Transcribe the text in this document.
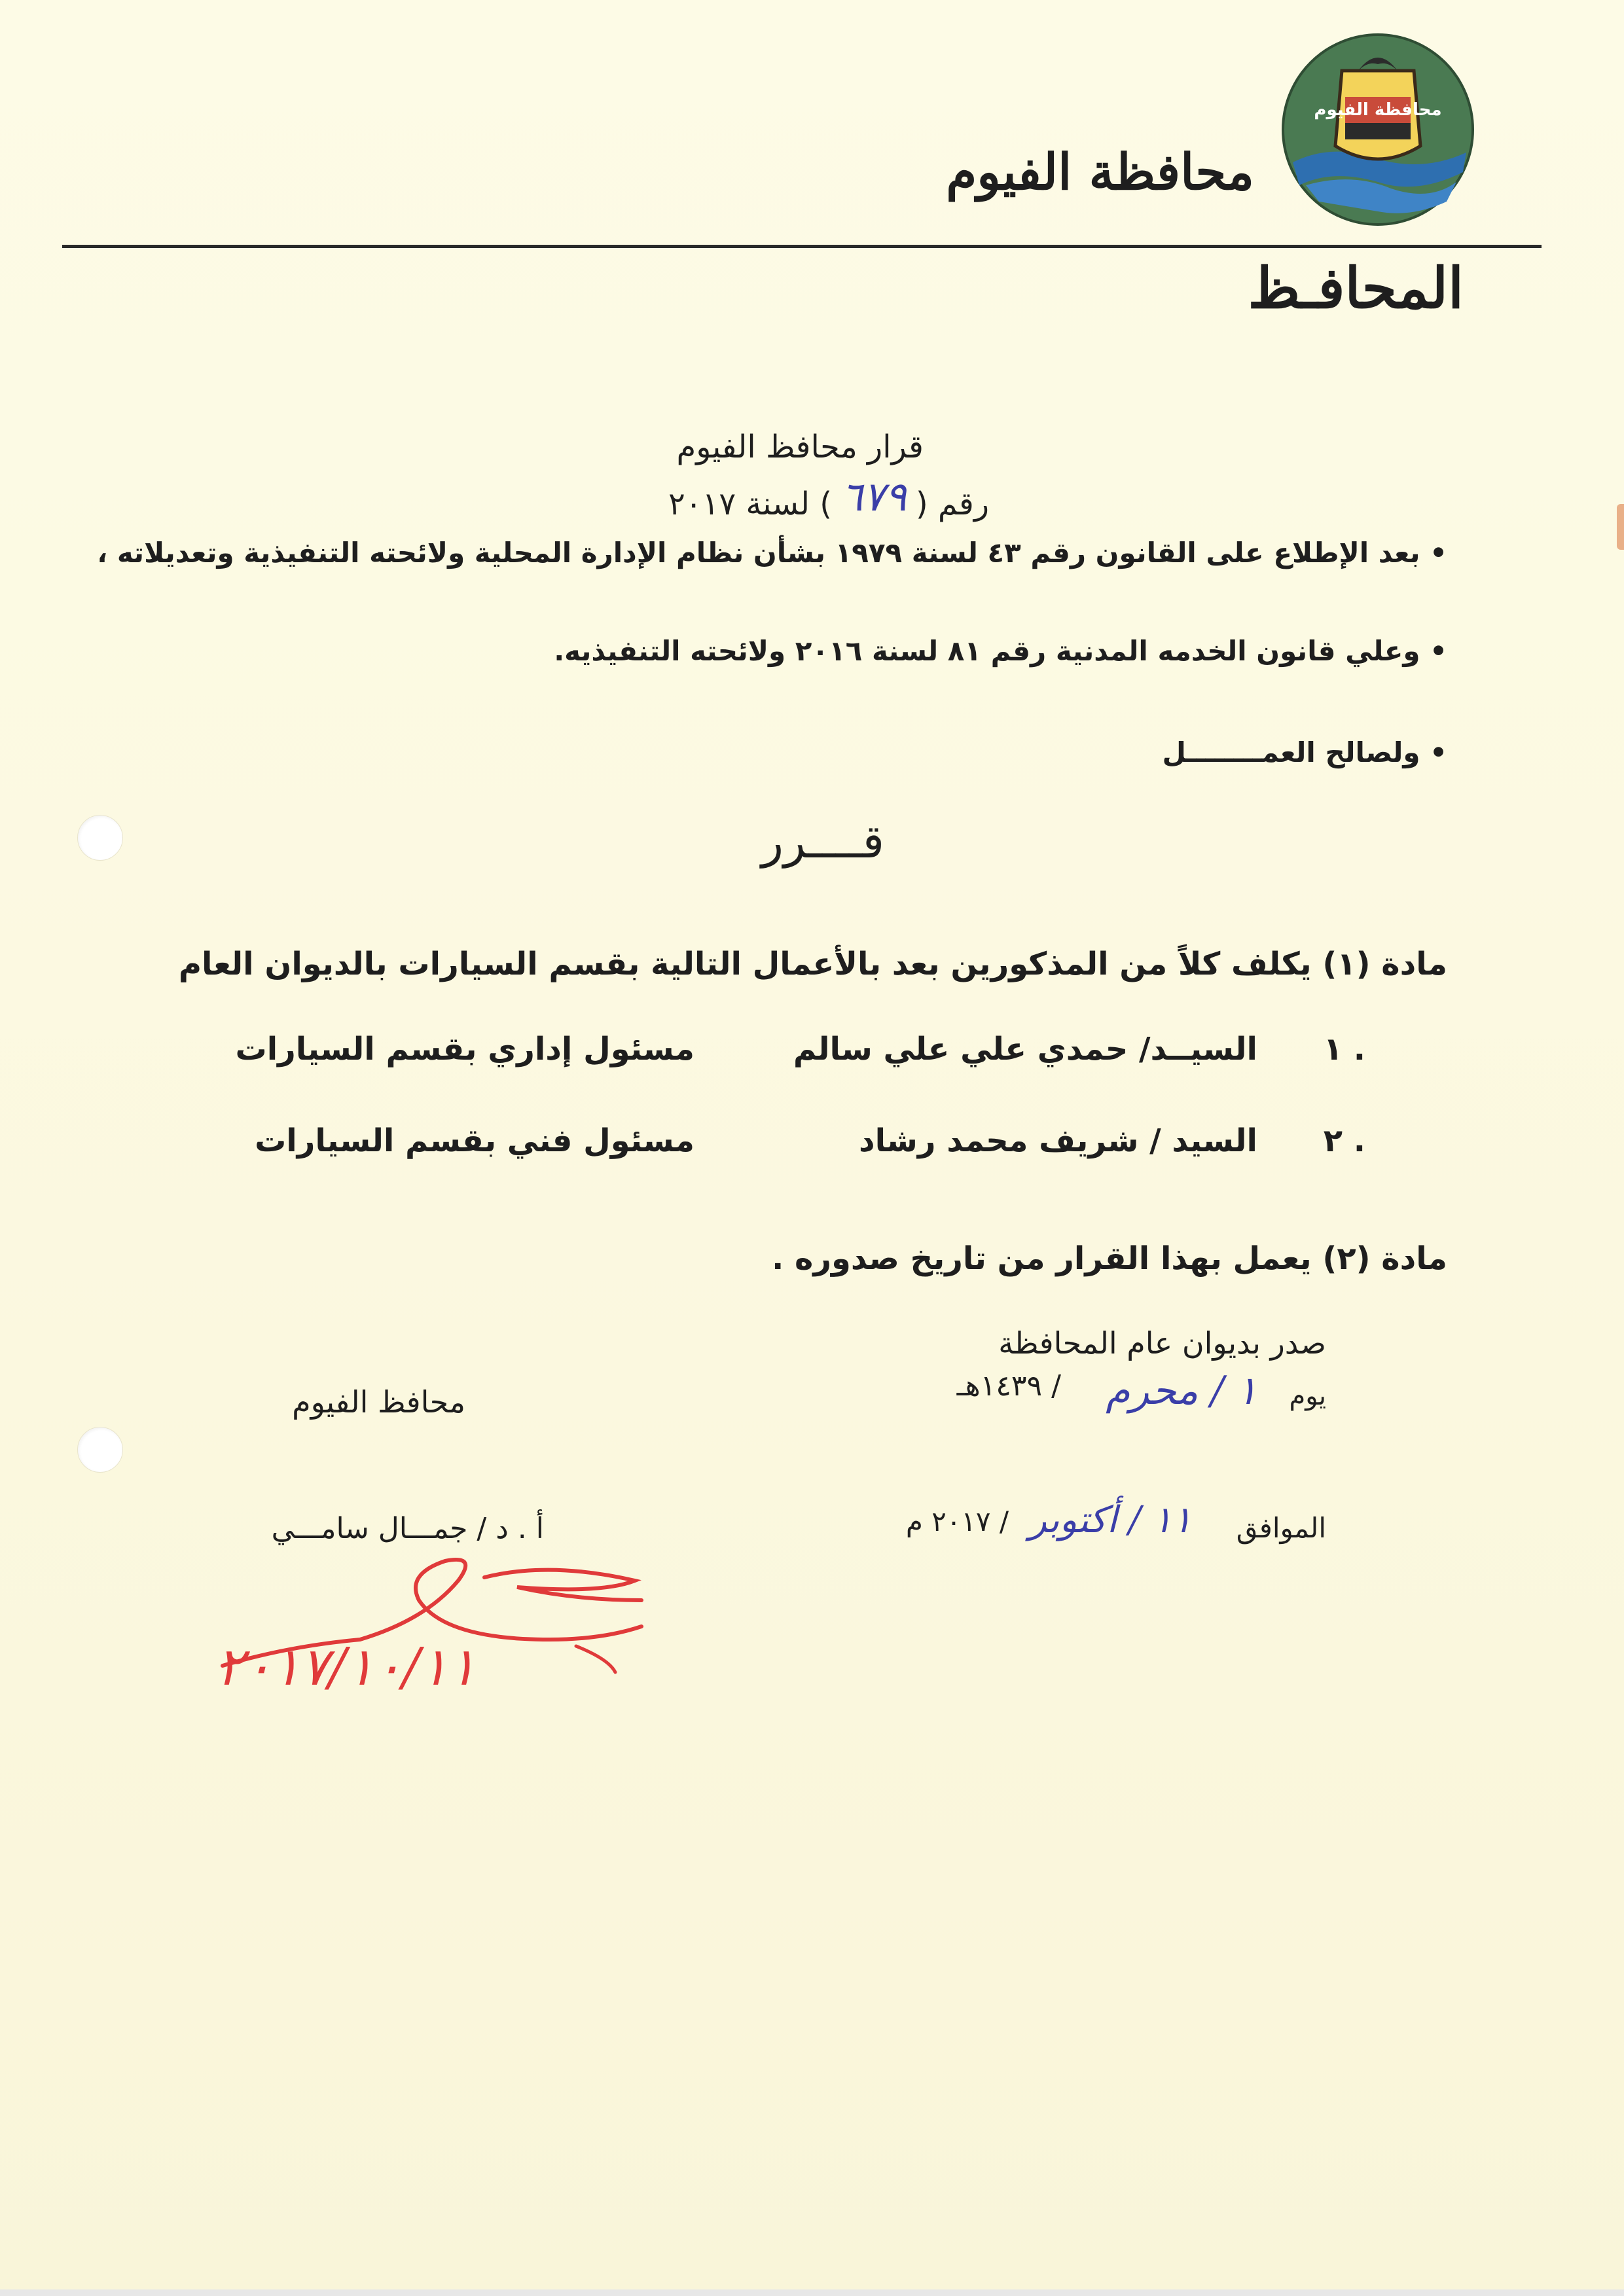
محافظة الفيوم
محافظة الفيوم
المحافـظ
قرار محافظ الفيوم
رقم (٦٧٩) لسنة ٢٠١٧
• بعد الإطلاع على القانون رقم ٤٣ لسنة ١٩٧٩ بشأن نظام الإدارة المحلية ولائحته التنفيذية وتعديلاته ،
• وعلي قانون الخدمه المدنية رقم ٨١ لسنة ٢٠١٦ ولائحته التنفيذيه.
• ولصالح العمــــــــل
قــــرر
مادة (١) يكلف كلاً من المذكورين بعد بالأعمال التالية بقسم السيارات بالديوان العام
١ .
السيــد/ حمدي علي علي سالم
مسئول إداري بقسم السيارات
٢ .
السيد / شريف محمد رشاد
مسئول فني بقسم السيارات
مادة (٢) يعمل بهذا القرار من تاريخ صدوره .
صدر بديوان عام المحافظة
يوم
١ / محرم
/ ١٤٣٩هـ
الموافق
١١ / أكتوبر
/ ٢٠١٧ م
محافظ الفيوم
أ . د / جمـــال سامـــي
٢٠١٧/١٠/١١
